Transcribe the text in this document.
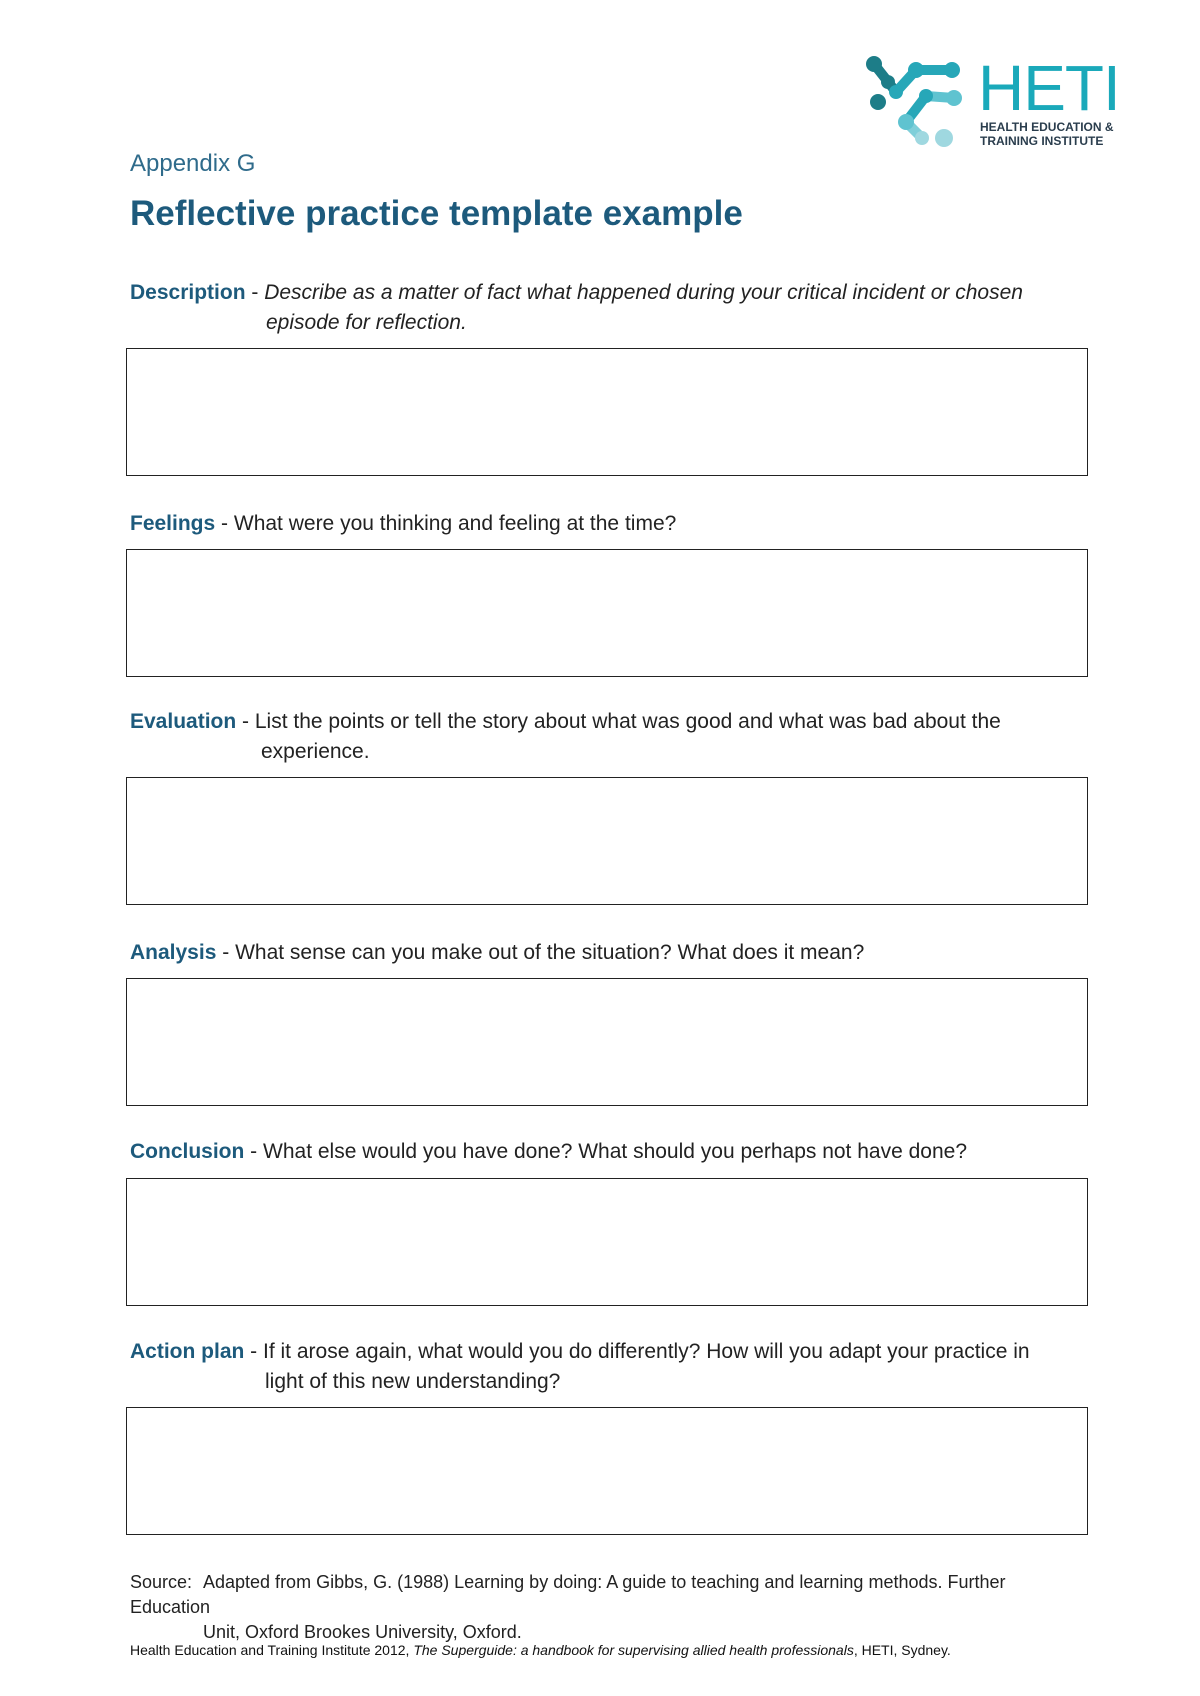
HETI
HEALTH EDUCATION &
TRAINING INSTITUTE
Appendix G
Reflective practice template example

Description - Describe as a matter of fact what happened during your critical incident or chosen
episode for reflection.

Feelings - What were you thinking and feeling at the time?

Evaluation - List the points or tell the story about what was good and what was bad about the
experience.

Analysis - What sense can you make out of the situation? What does it mean?

Conclusion - What else would you have done? What should you perhaps not have done?

Action plan - If it arose again, what would you do differently? How will you adapt your practice in
light of this new understanding?

Source: Adapted from Gibbs, G. (1988) Learning by doing: A guide to teaching and learning methods. Further Education
Unit, Oxford Brookes University, Oxford.
Health Education and Training Institute 2012, The Superguide: a handbook for supervising allied health professionals, HETI, Sydney.
